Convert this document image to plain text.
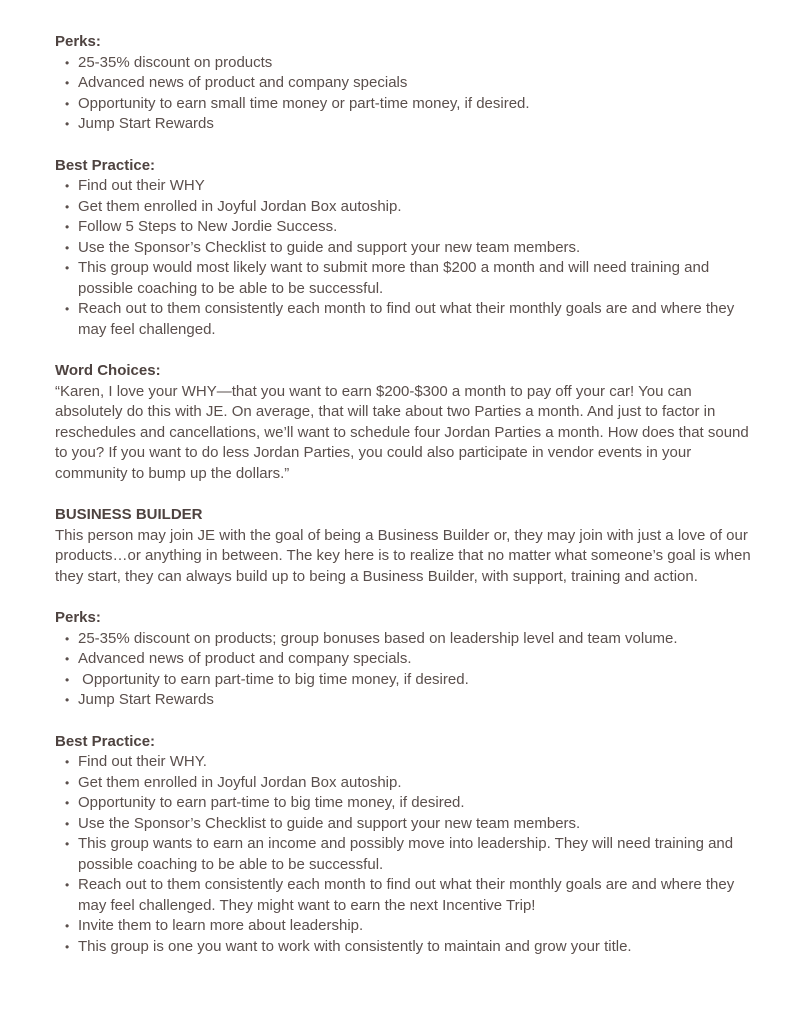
Perks:
• 25-35% discount on products
• Advanced news of product and company specials
• Opportunity to earn small time money or part-time money, if desired.
• Jump Start Rewards
Best Practice:
• Find out their WHY
• Get them enrolled in Joyful Jordan Box autoship.
• Follow 5 Steps to New Jordie Success.
• Use the Sponsor’s Checklist to guide and support your new team members.
• This group would most likely want to submit more than $200 a month and will need training and possible coaching to be able to be successful.
• Reach out to them consistently each month to find out what their monthly goals are and where they may feel challenged.
Word Choices:

“Karen, I love your WHY—that you want to earn $200-$300 a month to pay off your car! You can absolutely do this with JE. On average, that will take about two Parties a month. And just to factor in reschedules and cancellations, we’ll want to schedule four Jordan Parties a month. How does that sound to you? If you want to do less Jordan Parties, you could also participate in vendor events in your community to bump up the dollars.”

BUSINESS BUILDER

This person may join JE with the goal of being a Business Builder or, they may join with just a love of our products…or anything in between. The key here is to realize that no matter what someone’s goal is when they start, they can always build up to being a Business Builder, with support, training and action.

Perks:
• 25-35% discount on products; group bonuses based on leadership level and team volume.
• Advanced news of product and company specials.
•  Opportunity to earn part-time to big time money, if desired.
• Jump Start Rewards
Best Practice:
• Find out their WHY.
• Get them enrolled in Joyful Jordan Box autoship.
• Opportunity to earn part-time to big time money, if desired.
• Use the Sponsor’s Checklist to guide and support your new team members.
• This group wants to earn an income and possibly move into leadership. They will need training and possible coaching to be able to be successful.
• Reach out to them consistently each month to find out what their monthly goals are and where they may feel challenged. They might want to earn the next Incentive Trip!
• Invite them to learn more about leadership.
• This group is one you want to work with consistently to maintain and grow your title.
